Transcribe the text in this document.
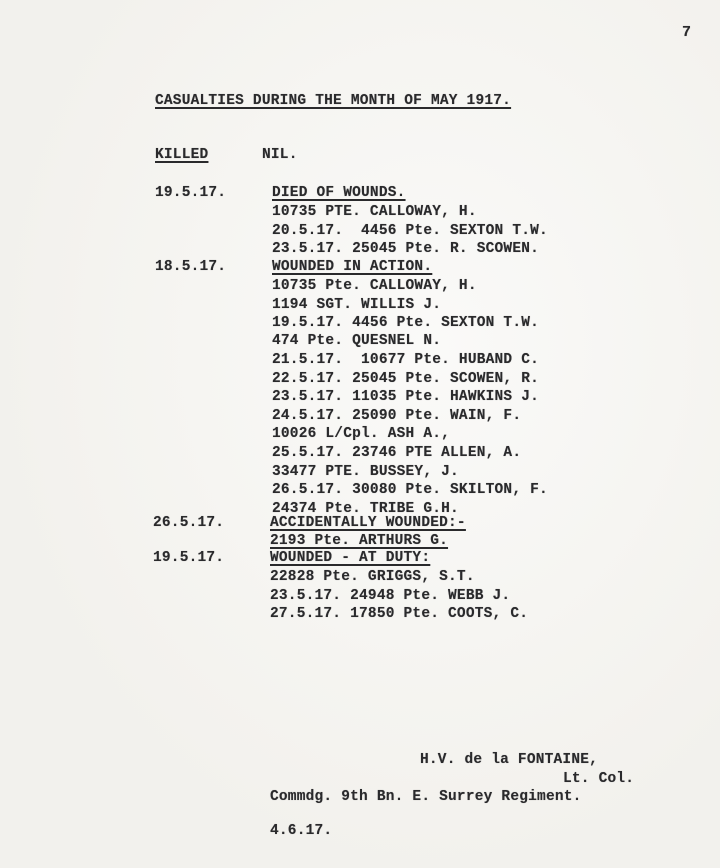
7
CASUALTIES DURING THE MONTH OF MAY 1917.
KILLED	NIL.
19.5.17.	DIED OF WOUNDS.
10735 PTE. CALLOWAY, H.
20.5.17.  4456 Pte. SEXTON T.W.
23.5.17. 25045 Pte. R. SCOWEN.
18.5.17.	WOUNDED IN ACTION.
10735 Pte. CALLOWAY, H.
1194 SGT. WILLIS J.
19.5.17. 4456 Pte. SEXTON T.W.
474 Pte. QUESNEL N.
21.5.17.  10677 Pte. HUBAND C.
22.5.17. 25045 Pte. SCOWEN, R.
23.5.17. 11035 Pte. HAWKINS J.
24.5.17. 25090 Pte. WAIN, F.
10026 L/Cpl. ASH A.,
25.5.17. 23746 PTE ALLEN, A.
33477 PTE. BUSSEY, J.
26.5.17. 30080 Pte. SKILTON, F.
24374 Pte. TRIBE G.H.
26.5.17.	ACCIDENTALLY WOUNDED:-
2193 Pte. ARTHURS G.
19.5.17.	WOUNDED - AT DUTY:
22828 Pte. GRIGGS, S.T.
23.5.17. 24948 Pte. WEBB J.
27.5.17. 17850 Pte. COOTS, C.
H.V. de la FONTAINE,
Lt. Col.
Commdg. 9th Bn. E. Surrey Regiment.
4.6.17.
